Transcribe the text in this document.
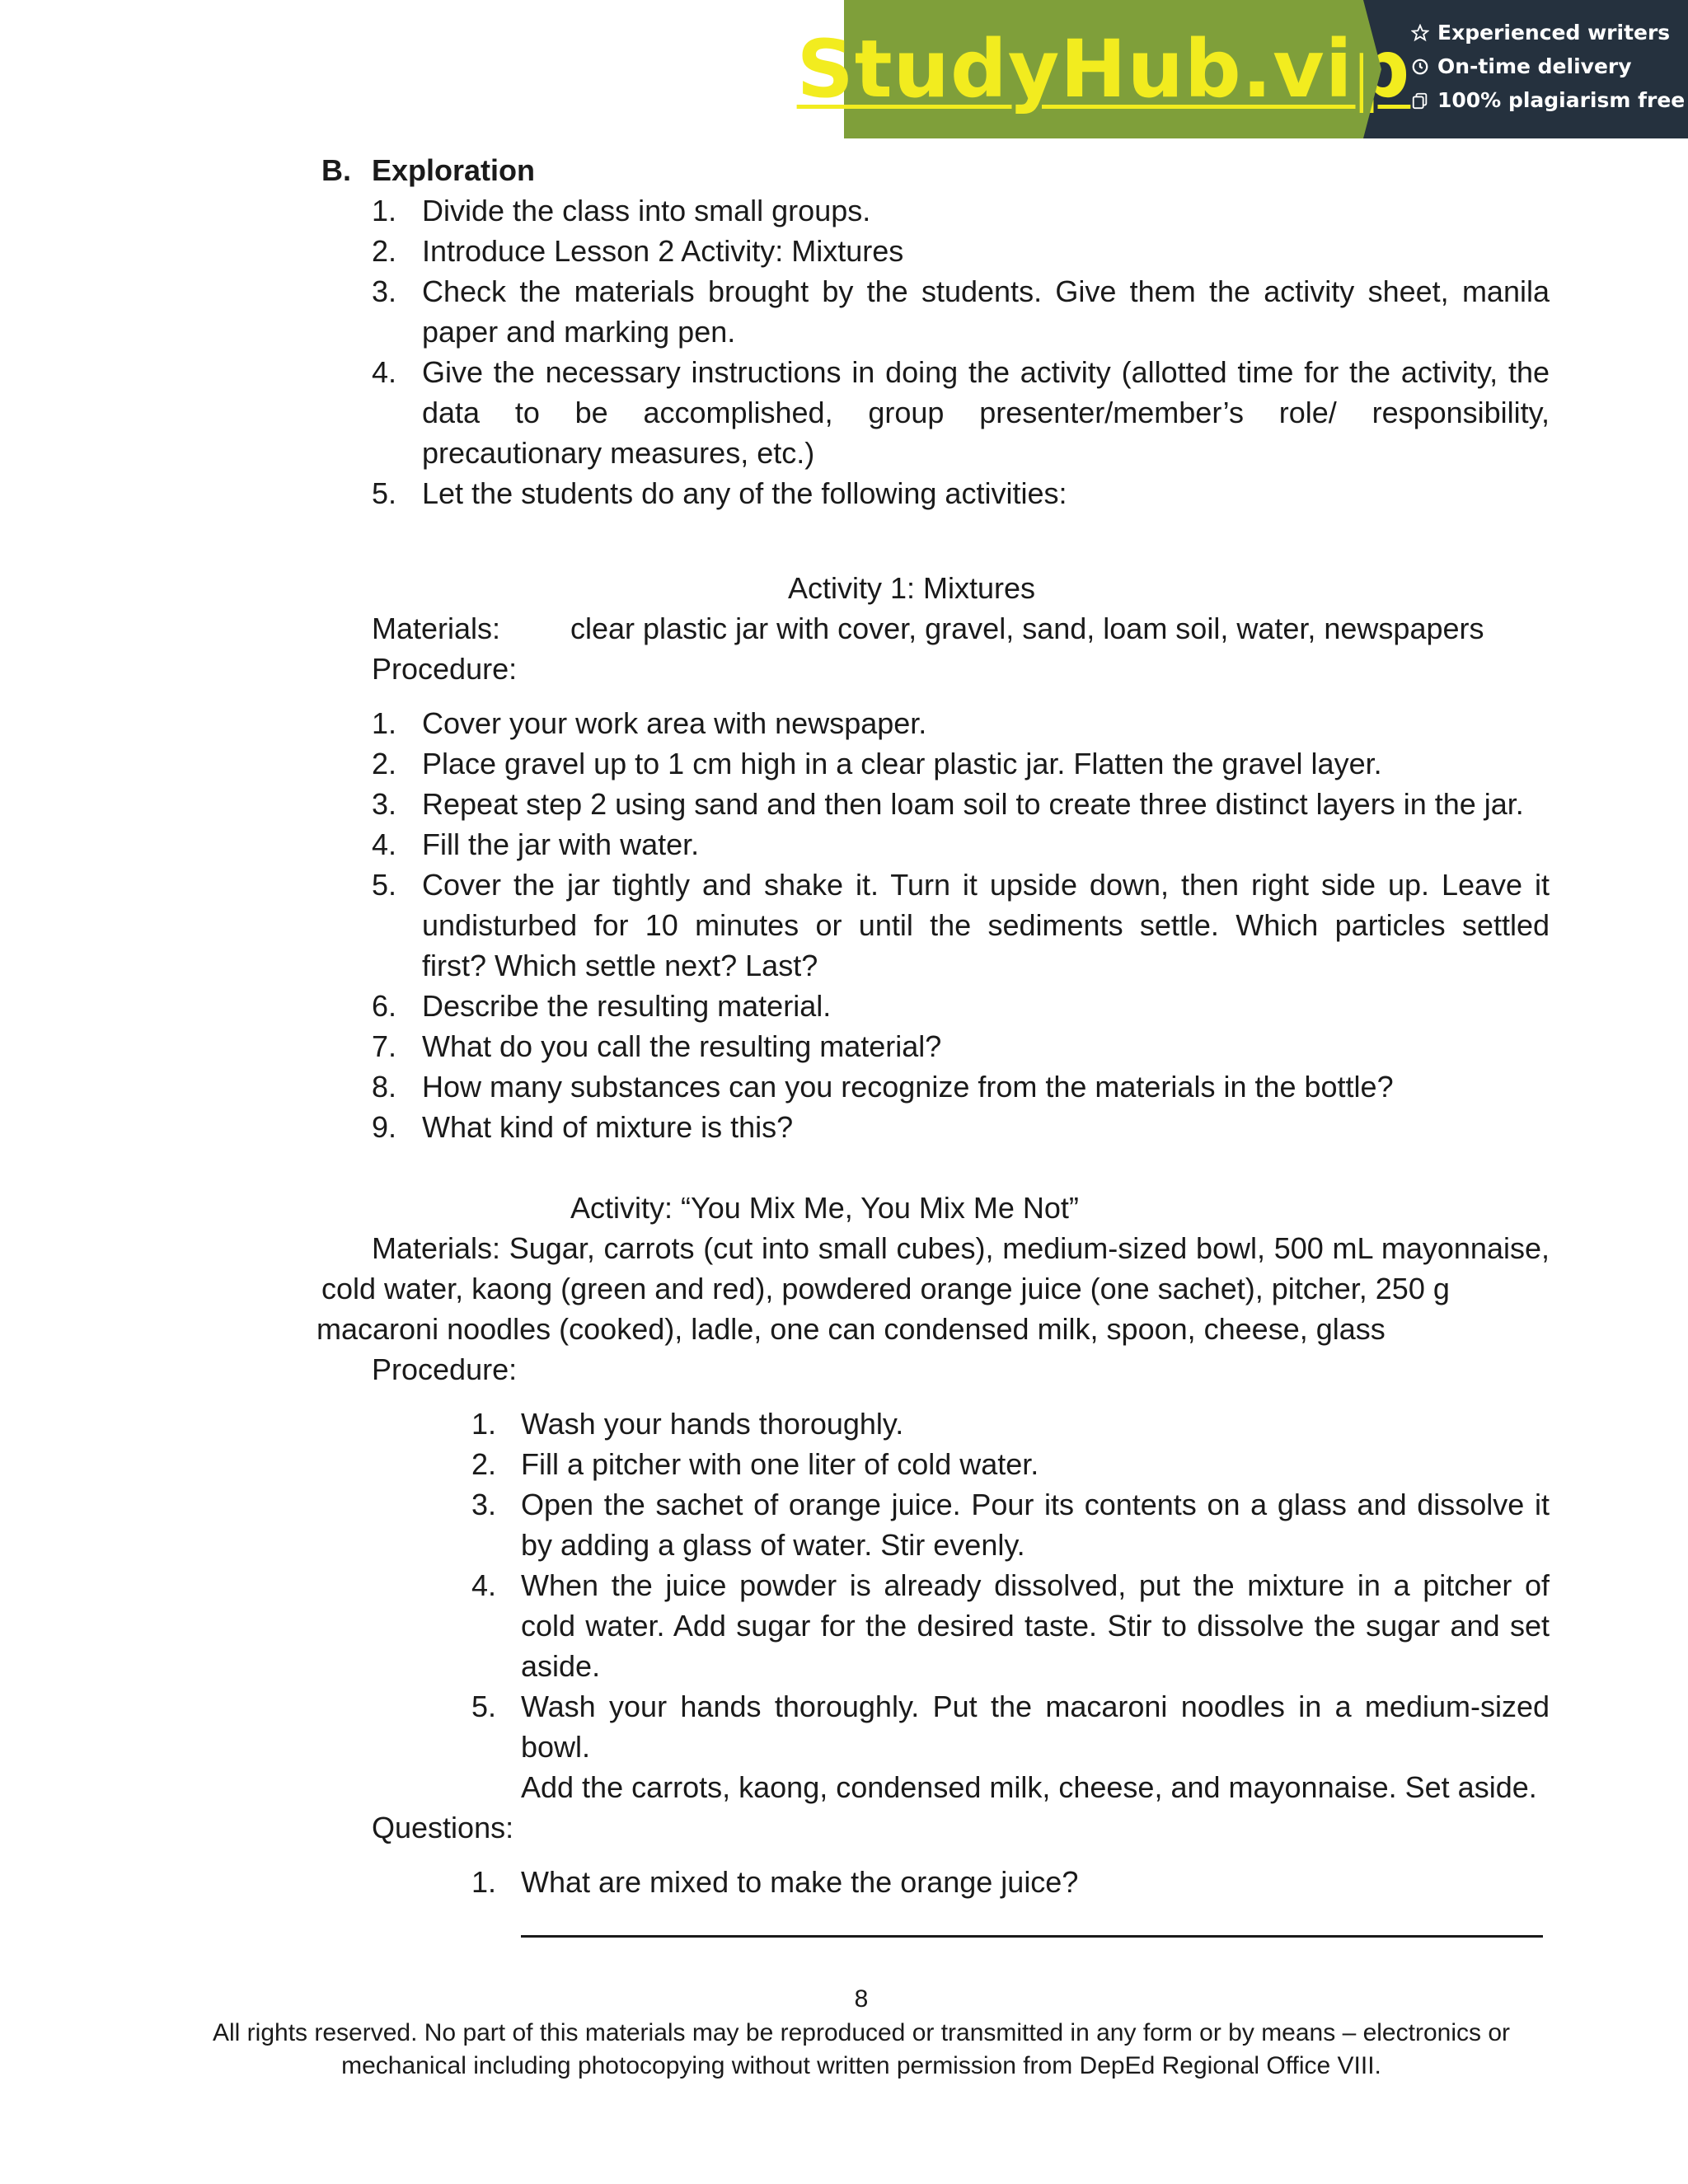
StudyHub.vip Experienced writers
On-time delivery
100% plagiarism free
B. Exploration
1. Divide the class into small groups.
2. Introduce Lesson 2 Activity: Mixtures
3. Check the materials brought by the students. Give them the activity sheet, manila
paper and marking pen.
4. Give the necessary instructions in doing the activity (allotted time for the activity, the
data to be accomplished, group presenter/member’s role/ responsibility,
precautionary measures, etc.)
5. Let the students do any of the following activities:
Activity 1: Mixtures
Materials: clear plastic jar with cover, gravel, sand, loam soil, water, newspapers
Procedure:
1. Cover your work area with newspaper.
2. Place gravel up to 1 cm high in a clear plastic jar. Flatten the gravel layer.
3. Repeat step 2 using sand and then loam soil to create three distinct layers in the jar.
4. Fill the jar with water.
5. Cover the jar tightly and shake it. Turn it upside down, then right side up. Leave it
undisturbed for 10 minutes or until the sediments settle. Which particles settled
first? Which settle next? Last?
6. Describe the resulting material.
7. What do you call the resulting material?
8. How many substances can you recognize from the materials in the bottle?
9. What kind of mixture is this?
Activity: “You Mix Me, You Mix Me Not”
Materials: Sugar, carrots (cut into small cubes), medium-sized bowl, 500 mL mayonnaise,
cold water, kaong (green and red), powdered orange juice (one sachet), pitcher, 250 g
macaroni noodles (cooked), ladle, one can condensed milk, spoon, cheese, glass
Procedure:
1. Wash your hands thoroughly.
2. Fill a pitcher with one liter of cold water.
3. Open the sachet of orange juice. Pour its contents on a glass and dissolve it
by adding a glass of water. Stir evenly.
4. When the juice powder is already dissolved, put the mixture in a pitcher of
cold water. Add sugar for the desired taste. Stir to dissolve the sugar and set
aside.
5. Wash your hands thoroughly. Put the macaroni noodles in a medium-sized
bowl.
Add the carrots, kaong, condensed milk, cheese, and mayonnaise. Set aside.
Questions:
1. What are mixed to make the orange juice?
8
All rights reserved. No part of this materials may be reproduced or transmitted in any form or by means – electronics or
mechanical including photocopying without written permission from DepEd Regional Office VIII.
